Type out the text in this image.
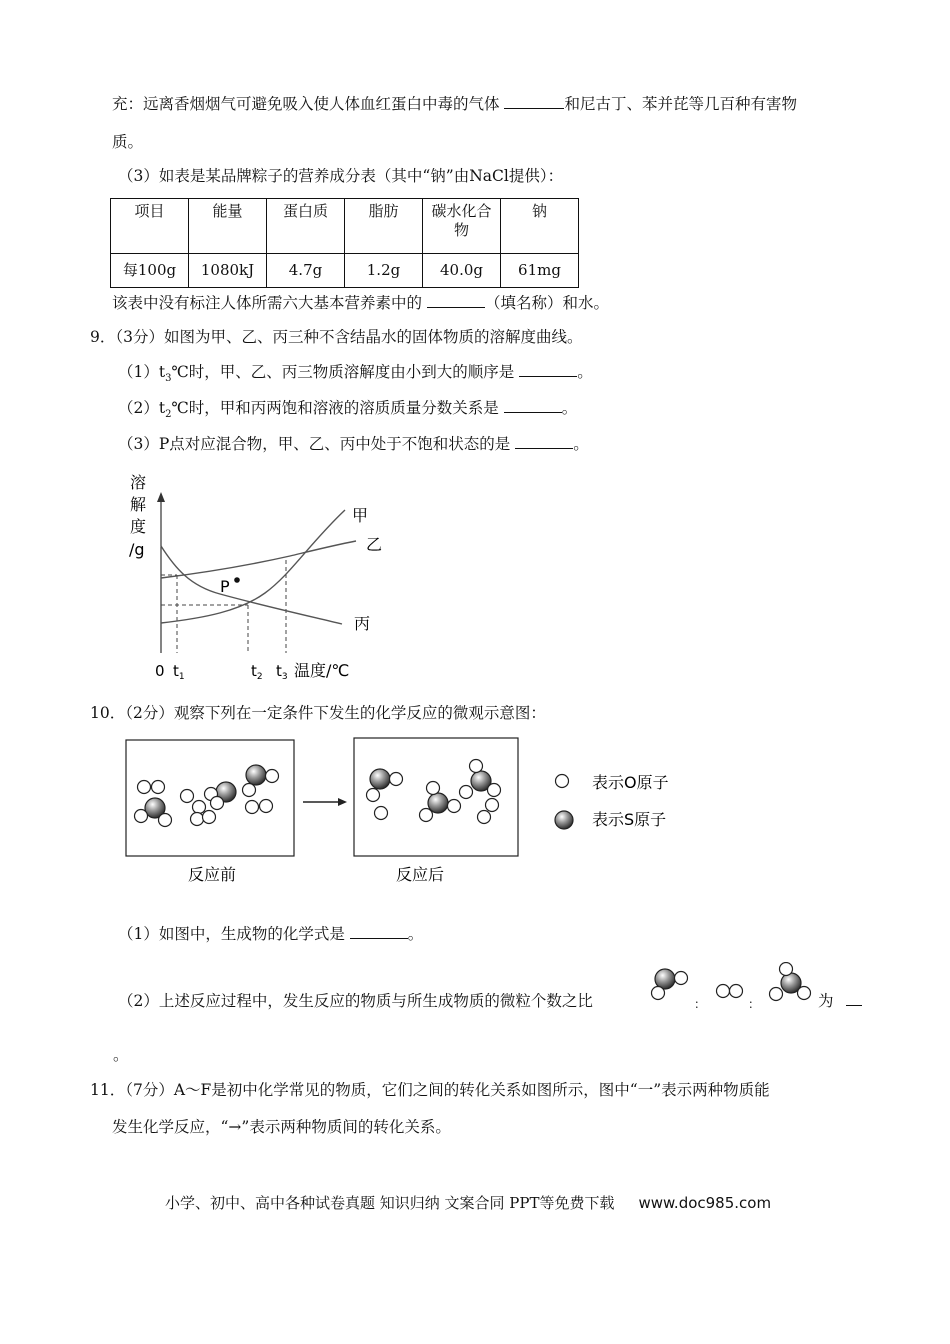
充：远离香烟烟气可避免吸入使人体血红蛋白中毒的气体	和尼古丁、苯并芘等几百种有害物
质。
（3）如表是某品牌粽子的营养成分表（其中“钠”由NaCl提供）：
项目	能量	蛋白质	脂肪	碳水化合物	钠
每100g	1080kJ	4.7g	1.2g	40.0g	61mg
该表中没有标注人体所需六大基本营养素中的	（填名称）和水。
9．（3分）如图为甲、乙、丙三种不含结晶水的固体物质的溶解度曲线。
$(1)t_3℃$时，甲、乙、丙三物质溶解度由小到大的顺序是	。
$(2)t_2℃$时，甲和丙两饱和溶液的溶质质量分数关系是	。
（3）P点对应混合物，甲、乙、丙中处于不饱和状态的是	。
溶
解
度
/g
甲
乙
丙
P
0 $t_1$	$t_2$ $t_3$ 温度/℃
10．（2分）观察下列在一定条件下发生的化学反应的微观示意图：
表示O原子
表示S原子
反应前	反应后
（1）如图中，生成物的化学式是	。
（2）上述反应过程中，发生反应的物质与所生成物质的微粒个数之比	：	：	为
。
11．（7分）A～F是初中化学常见的物质，它们之间的转化关系如图所示，图中“一”表示两种物质能
发生化学反应，“→”表示两种物质间的转化关系。
小学、初中、高中各种试卷真题 知识归纳 文案合同 PPT等免费下载 www.doc985.com
